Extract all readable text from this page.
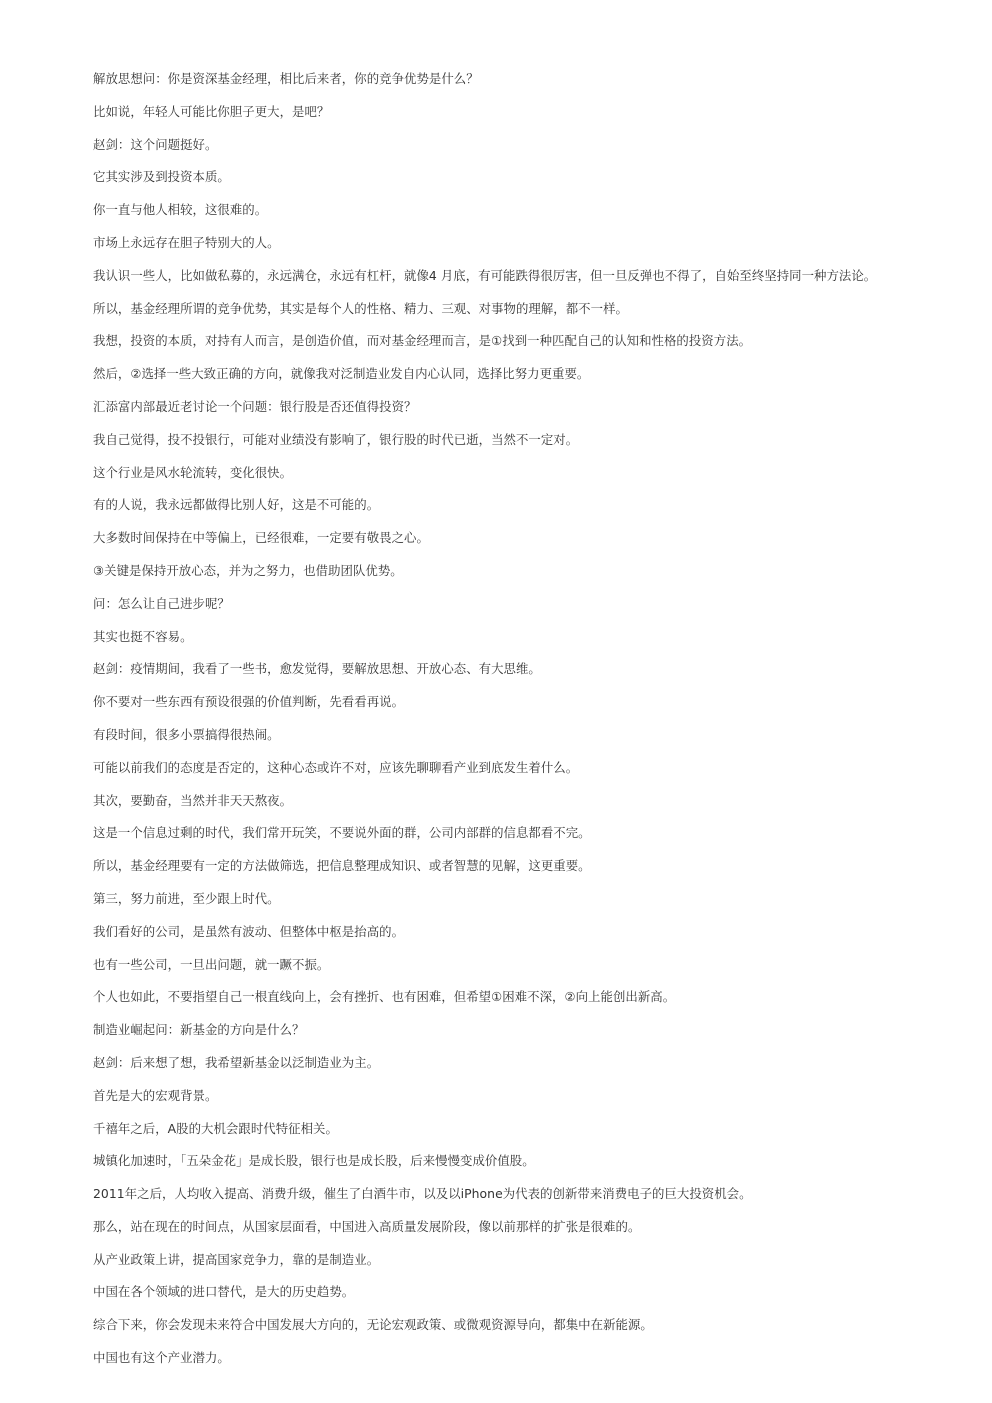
解放思想问：你是资深基金经理，相比后来者，你的竞争优势是什么？

比如说，年轻人可能比你胆子更大，是吧？

赵剑：这个问题挺好。

它其实涉及到投资本质。

你一直与他人相较，这很难的。

市场上永远存在胆子特别大的人。

我认识一些人，比如做私募的，永远满仓，永远有杠杆，就像4 月底，有可能跌得很厉害，但一旦反弹也不得了，自始至终坚持同一种方法论。

所以，基金经理所谓的竞争优势，其实是每个人的性格、精力、三观、对事物的理解，都不一样。

我想，投资的本质，对持有人而言，是创造价值，而对基金经理而言，是①找到一种匹配自己的认知和性格的投资方法。

然后，②选择一些大致正确的方向，就像我对泛制造业发自内心认同，选择比努力更重要。

汇添富内部最近老讨论一个问题：银行股是否还值得投资？

我自己觉得，投不投银行，可能对业绩没有影响了，银行股的时代已逝，当然不一定对。

这个行业是风水轮流转，变化很快。

有的人说，我永远都做得比别人好，这是不可能的。

大多数时间保持在中等偏上，已经很难，一定要有敬畏之心。

③关键是保持开放心态，并为之努力，也借助团队优势。

问：怎么让自己进步呢？

其实也挺不容易。

赵剑：疫情期间，我看了一些书，愈发觉得，要解放思想、开放心态、有大思维。

你不要对一些东西有预设很强的价值判断，先看看再说。

有段时间，很多小票搞得很热闹。

可能以前我们的态度是否定的，这种心态或许不对，应该先聊聊看产业到底发生着什么。

其次，要勤奋，当然并非天天熬夜。

这是一个信息过剩的时代，我们常开玩笑，不要说外面的群，公司内部群的信息都看不完。

所以，基金经理要有一定的方法做筛选，把信息整理成知识、或者智慧的见解，这更重要。

第三，努力前进，至少跟上时代。

我们看好的公司，是虽然有波动、但整体中枢是抬高的。

也有一些公司，一旦出问题，就一蹶不振。

个人也如此，不要指望自己一根直线向上，会有挫折、也有困难，但希望①困难不深，②向上能创出新高。

制造业崛起问：新基金的方向是什么？

赵剑：后来想了想，我希望新基金以泛制造业为主。

首先是大的宏观背景。

千禧年之后，A股的大机会跟时代特征相关。

城镇化加速时，「五朵金花」是成长股，银行也是成长股，后来慢慢变成价值股。

2011年之后，人均收入提高、消费升级，催生了白酒牛市，以及以iPhone为代表的创新带来消费电子的巨大投资机会。

那么，站在现在的时间点，从国家层面看，中国进入高质量发展阶段，像以前那样的扩张是很难的。

从产业政策上讲，提高国家竞争力，靠的是制造业。

中国在各个领域的进口替代，是大的历史趋势。

综合下来，你会发现未来符合中国发展大方向的，无论宏观政策、或微观资源导向，都集中在新能源。

中国也有这个产业潜力。
